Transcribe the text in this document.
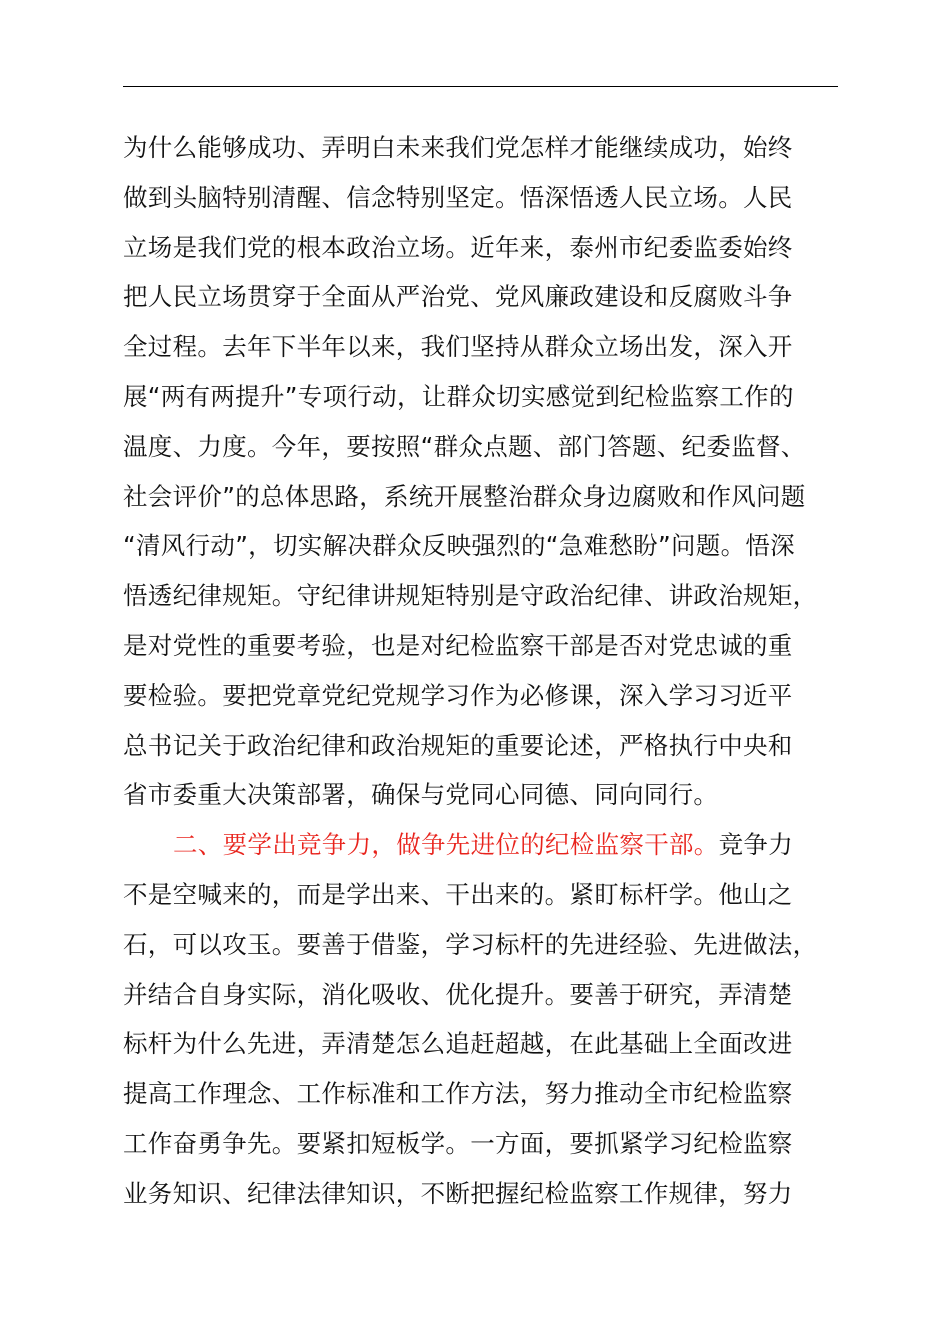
为什么能够成功、弄明白未来我们党怎样才能继续成功，始终
做到头脑特别清醒、信念特别坚定。悟深悟透人民立场。人民
立场是我们党的根本政治立场。近年来，泰州市纪委监委始终
把人民立场贯穿于全面从严治党、党风廉政建设和反腐败斗争
全过程。去年下半年以来，我们坚持从群众立场出发，深入开
展“两有两提升”专项行动，让群众切实感觉到纪检监察工作的
温度、力度。今年，要按照“群众点题、部门答题、纪委监督、
社会评价”的总体思路，系统开展整治群众身边腐败和作风问题
“清风行动”，切实解决群众反映强烈的“急难愁盼”问题。悟深
悟透纪律规矩。守纪律讲规矩特别是守政治纪律、讲政治规矩，
是对党性的重要考验，也是对纪检监察干部是否对党忠诚的重
要检验。要把党章党纪党规学习作为必修课，深入学习习近平
总书记关于政治纪律和政治规矩的重要论述，严格执行中央和
省市委重大决策部署，确保与党同心同德、同向同行。
二、要学出竞争力，做争先进位的纪检监察干部。竞争力
不是空喊来的，而是学出来、干出来的。紧盯标杆学。他山之
石，可以攻玉。要善于借鉴，学习标杆的先进经验、先进做法，
并结合自身实际，消化吸收、优化提升。要善于研究，弄清楚
标杆为什么先进，弄清楚怎么追赶超越，在此基础上全面改进
提高工作理念、工作标准和工作方法，努力推动全市纪检监察
工作奋勇争先。要紧扣短板学。一方面，要抓紧学习纪检监察
业务知识、纪律法律知识，不断把握纪检监察工作规律，努力
